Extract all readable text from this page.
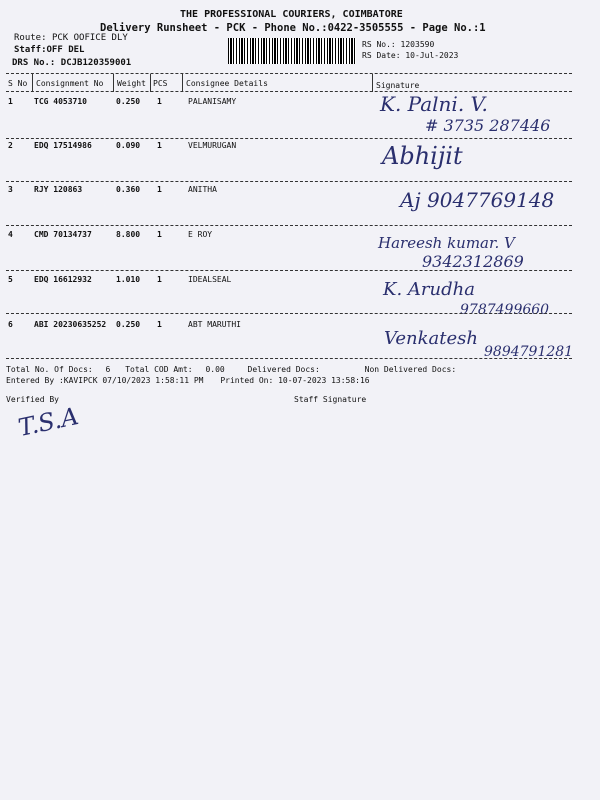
THE PROFESSIONAL COURIERS, COIMBATORE
Delivery Runsheet - PCK - Phone No.:0422-3505555 - Page No.:1
Route: PCK OOFICE DLY
Staff:OFF DEL
DRS No.: DCJB120359001
RS No.: 1203590
RS Date: 10-Jul-2023
S No Consignment No Weight PCS Consignee Details	Signature
1	TCG 4053710	0.250 1	PALANISAMY	K. Palni. V.
# 3735 287446
2	EDQ 17514986	0.090 1	VELMURUGAN	Abhijit
3	RJY 120863	0.360 1	ANITHA	Aj 9047769148
4	CMD 70134737	8.800 1	E ROY	Hareesh kumar. V
9342312869
5	EDQ 16612932	1.010 1	IDEALSEAL	K. Arudha
9787499660
6	ABI 20230635252 0.250 1	ABT MARUTHI
Venkatesh
9894791281
Total No. Of Docs: 6 Total COD Amt: 0.00	Delivered Docs:	Non Delivered Docs:
Entered By :KAVIPCK 07/10/2023 1:58:11 PM Printed On: 10-07-2023 13:58:16
Verified By	Staff Signature
T.S.A
